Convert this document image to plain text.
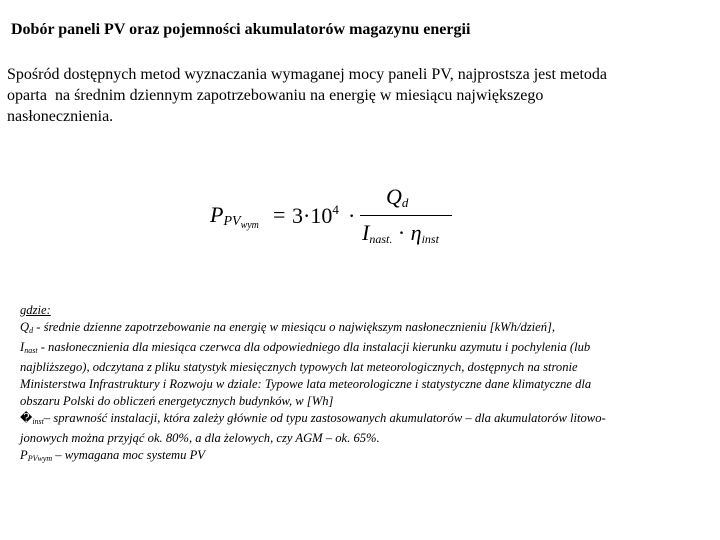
Dobór paneli PV oraz pojemności akumulatorów magazynu energii
Spośród dostępnych metod wyznaczania wymaganej mocy paneli PV, najprostsza jest metoda
oparta  na średnim dziennym zapotrzebowaniu na energię w miesiącu największego
nasłonecznienia.
$P_{PVwym} = 3\cdot 10^4$ ·
$Q_d$
$I_{nast.} \cdot \eta_{inst}$
gdzie:
$Q_d$ - średnie dzienne zapotrzebowanie na energię w miesiącu o największym nasłonecznieniu [kWh/dzień],
$I_{nast}$ - nasłonecznienia dla miesiąca czerwca dla odpowiedniego dla instalacji kierunku azymutu i pochylenia (lub
najbliższego), odczytana z pliku statystyk miesięcznych typowych lat meteorologicznych, dostępnych na stronie
Ministerstwa Infrastruktury i Rozwoju w dziale: Typowe lata meteorologiczne i statystyczne dane klimatyczne dla
obszaru Polski do obliczeń energetycznych budynków, w [Wh]
$�_{inst}-$ sprawność instalacji, która zależy głównie od typu zastosowanych akumulatorów – dla akumulatorów litowo-
jonowych można przyjąć ok. 80%, a dla żelowych, czy AGM – ok. 65%.
$P_{PVwym}$ – wymagana moc systemu PV
